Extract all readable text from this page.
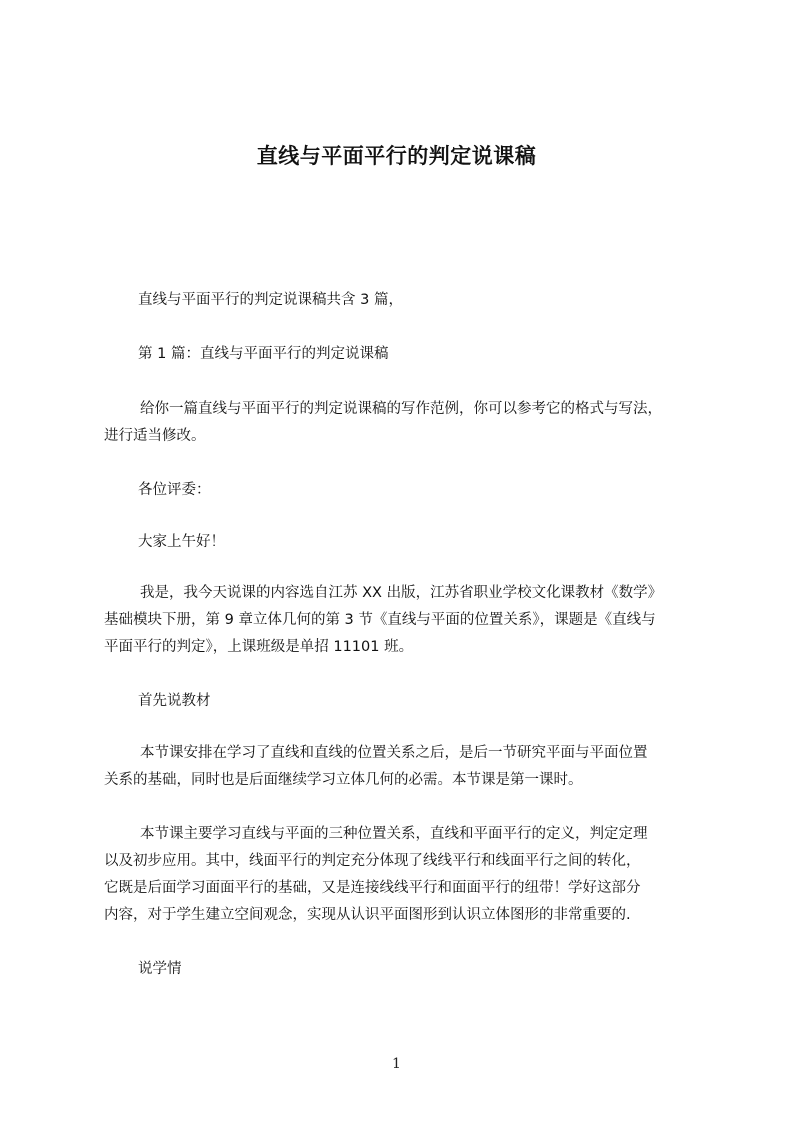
直线与平面平行的判定说课稿
直线与平面平行的判定说课稿共含 3 篇，
第 1 篇：直线与平面平行的判定说课稿
给你一篇直线与平面平行的判定说课稿的写作范例，你可以参考它的格式与写法，
进行适当修改。
各位评委：
大家上午好！
我是，我今天说课的内容选自江苏 XX 出版，江苏省职业学校文化课教材《数学》
基础模块下册，第 9 章立体几何的第 3 节《直线与平面的位置关系》，课题是《直线与
平面平行的判定》，上课班级是单招 11101 班。
首先说教材
本节课安排在学习了直线和直线的位置关系之后，是后一节研究平面与平面位置
关系的基础，同时也是后面继续学习立体几何的必需。本节课是第一课时。
本节课主要学习直线与平面的三种位置关系，直线和平面平行的定义，判定定理
以及初步应用。其中，线面平行的判定充分体现了线线平行和线面平行之间的转化，
它既是后面学习面面平行的基础，又是连接线线平行和面面平行的纽带！学好这部分
内容，对于学生建立空间观念，实现从认识平面图形到认识立体图形的非常重要的.
说学情
1
